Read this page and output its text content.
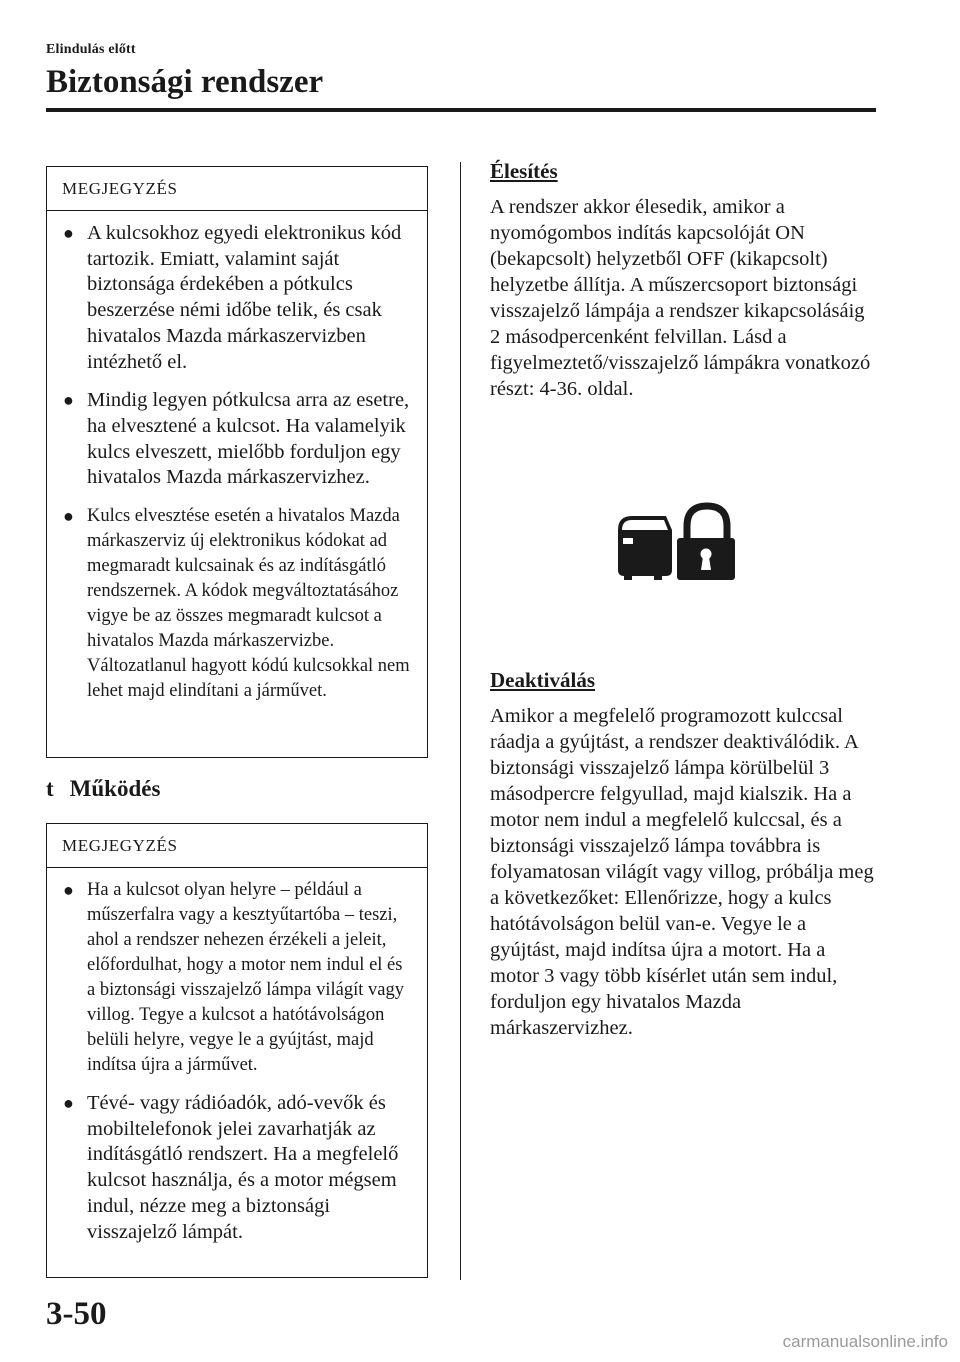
Elindulás előtt
Biztonsági rendszer
MEGJEGYZÉS
● A kulcsokhoz egyedi elektronikus kód tartozik. Emiatt, valamint saját biztonsága érdekében a pótkulcs beszerzése némi időbe telik, és csak hivatalos Mazda márkaszervizben intézhető el.
● Mindig legyen pótkulcsa arra az esetre, ha elvesztené a kulcsot. Ha valamelyik kulcs elveszett, mielőbb forduljon egy hivatalos Mazda márkaszervizhez.
● Kulcs elvesztése esetén a hivatalos Mazda márkaszerviz új elektronikus kódokat ad megmaradt kulcsainak és az indításgátló rendszernek. A kódok megváltoztatásához vigye be az összes megmaradt kulcsot a hivatalos Mazda márkaszervizbe. Változatlanul hagyott kódú kulcsokkal nem lehet majd elindítani a járművet.
t Működés
MEGJEGYZÉS
● Ha a kulcsot olyan helyre – például a műszerfalra vagy a kesztyűtartóba – teszi, ahol a rendszer nehezen érzékeli a jeleit, előfordulhat, hogy a motor nem indul el és a biztonsági visszajelző lámpa világít vagy villog. Tegye a kulcsot a hatótávolságon belüli helyre, vegye le a gyújtást, majd indítsa újra a járművet.
● Tévé- vagy rádióadók, adó-vevők és mobiltelefonok jelei zavarhatják az indításgátló rendszert. Ha a megfelelő kulcsot használja, és a motor mégsem indul, nézze meg a biztonsági visszajelző lámpát.
Élesítés

A rendszer akkor élesedik, amikor a nyomógombos indítás kapcsolóját ON (bekapcsolt) helyzetből OFF (kikapcsolt) helyzetbe állítja. A műszercsoport biztonsági visszajelző lámpája a rendszer kikapcsolásáig 2 másodpercenként felvillan. Lásd a figyelmeztető/visszajelző lámpákra vonatkozó részt: 4-36. oldal.

Deaktiválás

Amikor a megfelelő programozott kulccsal ráadja a gyújtást, a rendszer deaktiválódik. A biztonsági visszajelző lámpa körülbelül 3 másodpercre felgyullad, majd kialszik. Ha a motor nem indul a megfelelő kulccsal, és a biztonsági visszajelző lámpa továbbra is folyamatosan világít vagy villog, próbálja meg a következőket: Ellenőrizze, hogy a kulcs hatótávolságon belül van-e. Vegye le a gyújtást, majd indítsa újra a motort. Ha a motor 3 vagy több kísérlet után sem indul, forduljon egy hivatalos Mazda márkaszervizhez.

3-50
carmanualsonline.info
